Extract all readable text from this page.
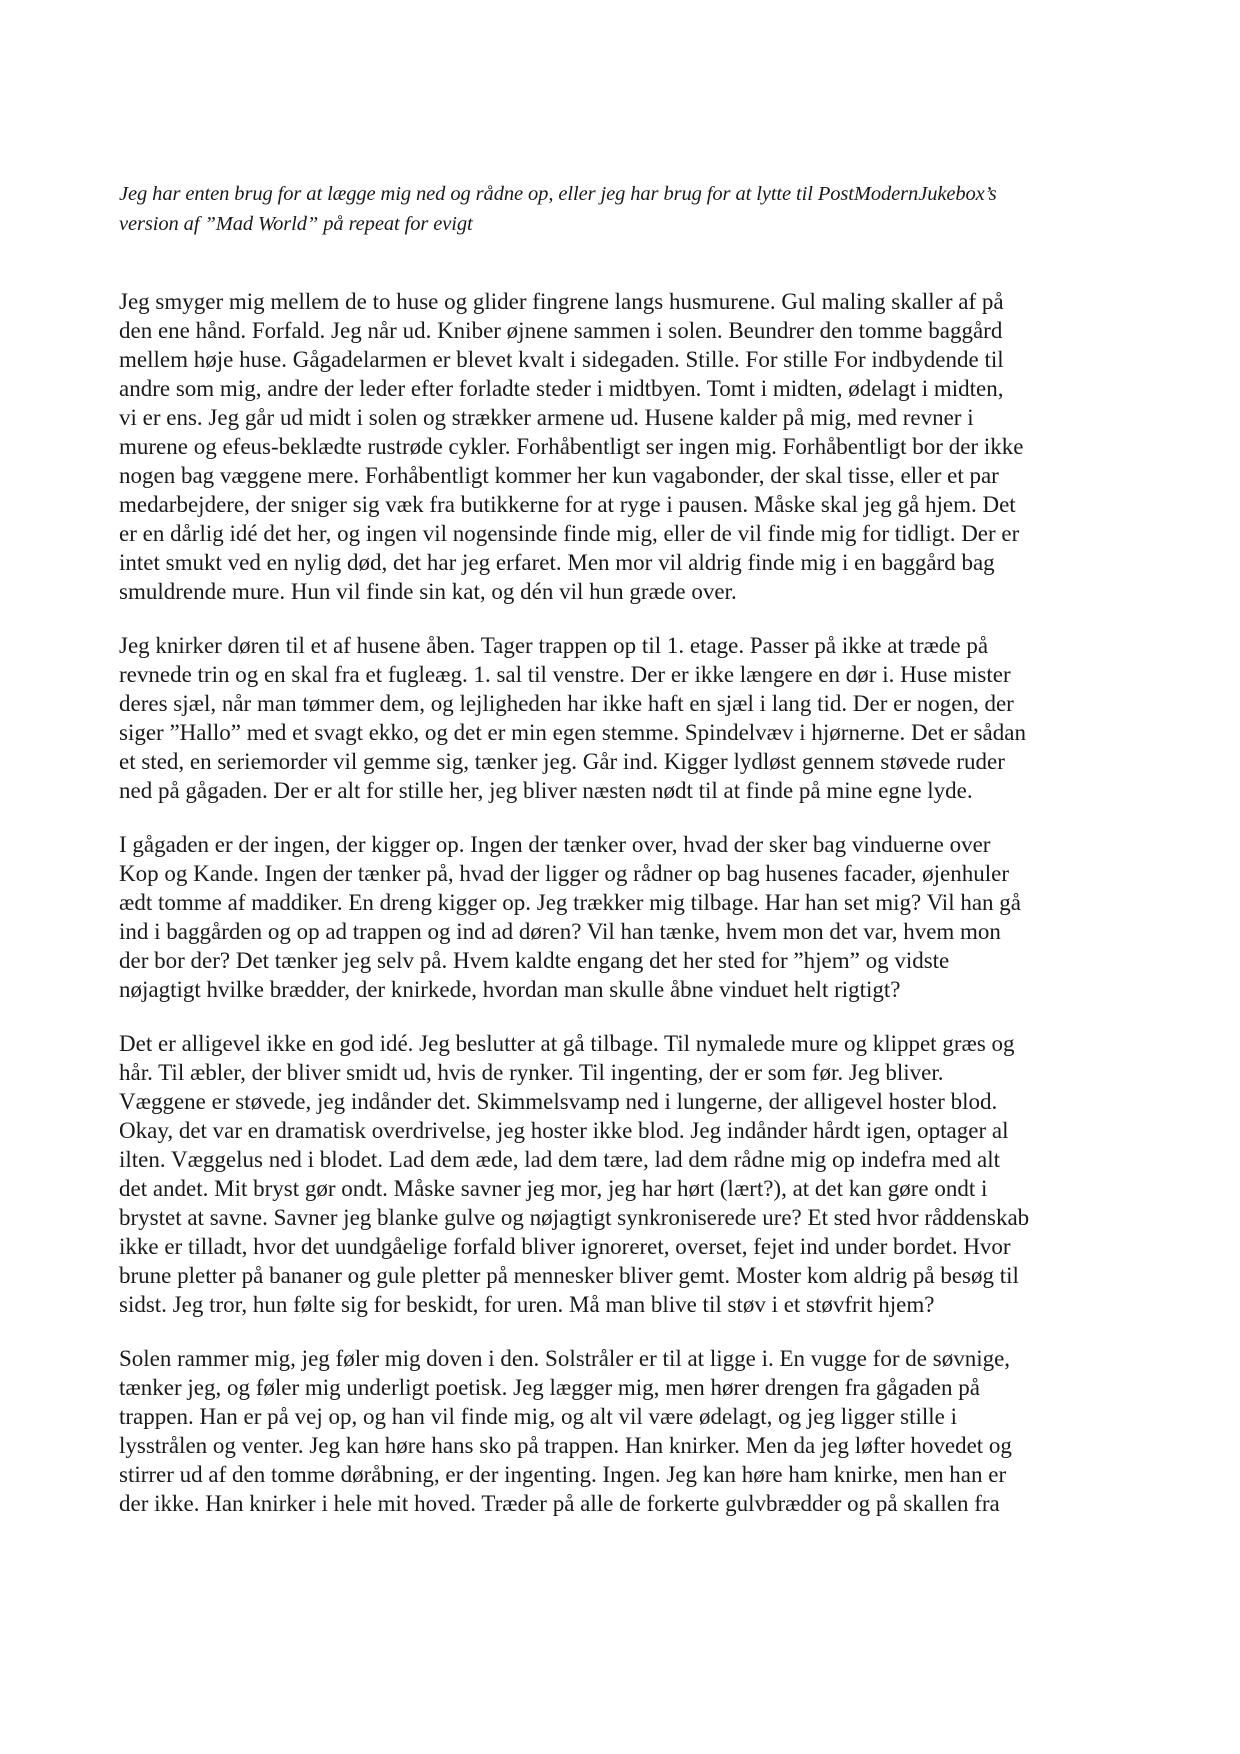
Jeg har enten brug for at lægge mig ned og rådne op, eller jeg har brug for at lytte til PostModernJukebox’s
version af ”Mad World” på repeat for evigt

Jeg smyger mig mellem de to huse og glider fingrene langs husmurene. Gul maling skaller af på
den ene hånd. Forfald. Jeg når ud. Kniber øjnene sammen i solen. Beundrer den tomme baggård
mellem høje huse. Gågadelarmen er blevet kvalt i sidegaden. Stille. For stille For indbydende til
andre som mig, andre der leder efter forladte steder i midtbyen. Tomt i midten, ødelagt i midten,
vi er ens. Jeg går ud midt i solen og strækker armene ud. Husene kalder på mig, med revner i
murene og efeus-beklædte rustrøde cykler. Forhåbentligt ser ingen mig. Forhåbentligt bor der ikke
nogen bag væggene mere. Forhåbentligt kommer her kun vagabonder, der skal tisse, eller et par
medarbejdere, der sniger sig væk fra butikkerne for at ryge i pausen. Måske skal jeg gå hjem. Det
er en dårlig idé det her, og ingen vil nogensinde finde mig, eller de vil finde mig for tidligt. Der er
intet smukt ved en nylig død, det har jeg erfaret. Men mor vil aldrig finde mig i en baggård bag
smuldrende mure. Hun vil finde sin kat, og dén vil hun græde over.

Jeg knirker døren til et af husene åben. Tager trappen op til 1. etage. Passer på ikke at træde på
revnede trin og en skal fra et fugleæg. 1. sal til venstre. Der er ikke længere en dør i. Huse mister
deres sjæl, når man tømmer dem, og lejligheden har ikke haft en sjæl i lang tid. Der er nogen, der
siger ”Hallo” med et svagt ekko, og det er min egen stemme. Spindelvæv i hjørnerne. Det er sådan
et sted, en seriemorder vil gemme sig, tænker jeg. Går ind. Kigger lydløst gennem støvede ruder
ned på gågaden. Der er alt for stille her, jeg bliver næsten nødt til at finde på mine egne lyde.

I gågaden er der ingen, der kigger op. Ingen der tænker over, hvad der sker bag vinduerne over
Kop og Kande. Ingen der tænker på, hvad der ligger og rådner op bag husenes facader, øjenhuler
ædt tomme af maddiker. En dreng kigger op. Jeg trækker mig tilbage. Har han set mig? Vil han gå
ind i baggården og op ad trappen og ind ad døren? Vil han tænke, hvem mon det var, hvem mon
der bor der? Det tænker jeg selv på. Hvem kaldte engang det her sted for ”hjem” og vidste
nøjagtigt hvilke brædder, der knirkede, hvordan man skulle åbne vinduet helt rigtigt?

Det er alligevel ikke en god idé. Jeg beslutter at gå tilbage. Til nymalede mure og klippet græs og
hår. Til æbler, der bliver smidt ud, hvis de rynker. Til ingenting, der er som før. Jeg bliver.
Væggene er støvede, jeg indånder det. Skimmelsvamp ned i lungerne, der alligevel hoster blod.
Okay, det var en dramatisk overdrivelse, jeg hoster ikke blod. Jeg indånder hårdt igen, optager al
ilten. Væggelus ned i blodet. Lad dem æde, lad dem tære, lad dem rådne mig op indefra med alt
det andet. Mit bryst gør ondt. Måske savner jeg mor, jeg har hørt (lært?), at det kan gøre ondt i
brystet at savne. Savner jeg blanke gulve og nøjagtigt synkroniserede ure? Et sted hvor råddenskab
ikke er tilladt, hvor det uundgåelige forfald bliver ignoreret, overset, fejet ind under bordet. Hvor
brune pletter på bananer og gule pletter på mennesker bliver gemt. Moster kom aldrig på besøg til
sidst. Jeg tror, hun følte sig for beskidt, for uren. Må man blive til støv i et støvfrit hjem?

Solen rammer mig, jeg føler mig doven i den. Solstråler er til at ligge i. En vugge for de søvnige,
tænker jeg, og føler mig underligt poetisk. Jeg lægger mig, men hører drengen fra gågaden på
trappen. Han er på vej op, og han vil finde mig, og alt vil være ødelagt, og jeg ligger stille i
lysstrålen og venter. Jeg kan høre hans sko på trappen. Han knirker. Men da jeg løfter hovedet og
stirrer ud af den tomme døråbning, er der ingenting. Ingen. Jeg kan høre ham knirke, men han er
der ikke. Han knirker i hele mit hoved. Træder på alle de forkerte gulvbrædder og på skallen fra
